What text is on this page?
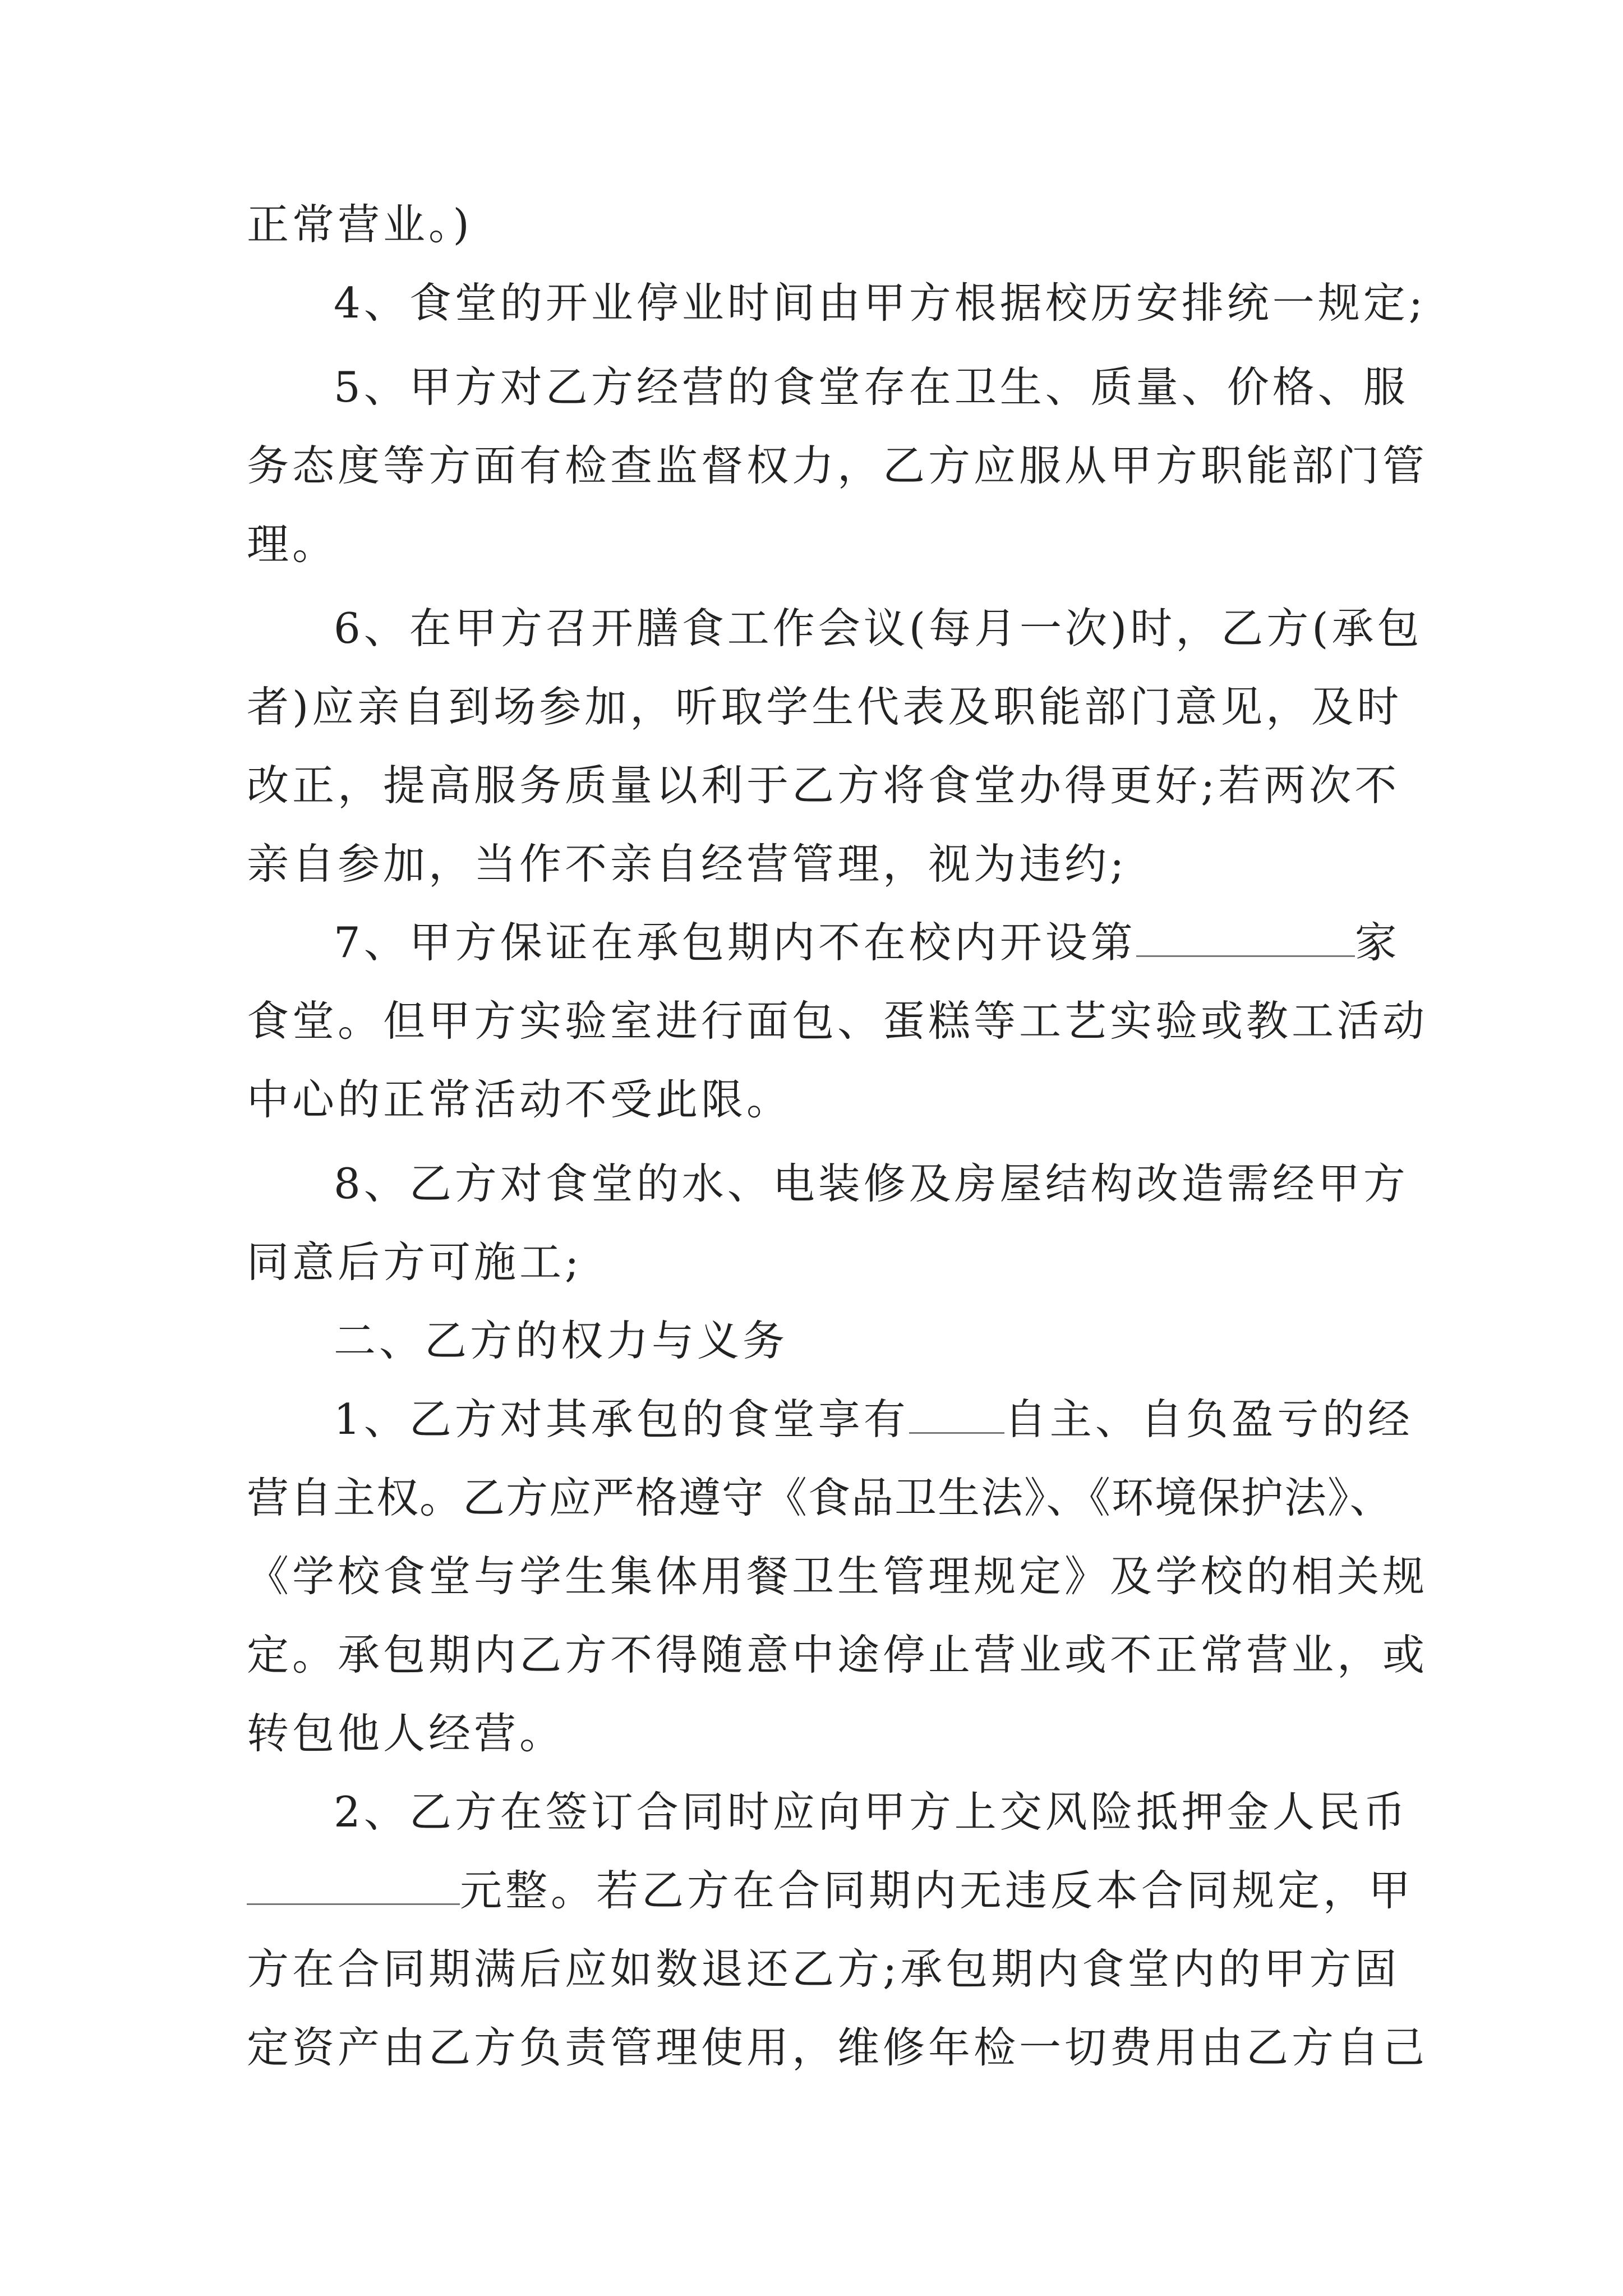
正常营业。)
4、食堂的开业停业时间由甲方根据校历安排统一规定;
5、甲方对乙方经营的食堂存在卫生、质量、价格、服
务态度等方面有检查监督权力，乙方应服从甲方职能部门管
理。
6、在甲方召开膳食工作会议(每月一次)时，乙方(承包
者)应亲自到场参加，听取学生代表及职能部门意见，及时
改正，提高服务质量以利于乙方将食堂办得更好;若两次不
亲自参加，当作不亲自经营管理，视为违约;
7、甲方保证在承包期内不在校内开设第	家
食堂。但甲方实验室进行面包、蛋糕等工艺实验或教工活动
中心的正常活动不受此限。
8、乙方对食堂的水、电装修及房屋结构改造需经甲方
同意后方可施工;
二、乙方的权力与义务
1、乙方对其承包的食堂享有 自主、自负盈亏的经
营自主权。乙方应严格遵守《食品卫生法》、《环境保护法》、
《学校食堂与学生集体用餐卫生管理规定》及学校的相关规
定。承包期内乙方不得随意中途停止营业或不正常营业，或
转包他人经营。
2、乙方在签订合同时应向甲方上交风险抵押金人民币
元整。若乙方在合同期内无违反本合同规定，甲
方在合同期满后应如数退还乙方;承包期内食堂内的甲方固
定资产由乙方负责管理使用，维修年检一切费用由乙方自己
